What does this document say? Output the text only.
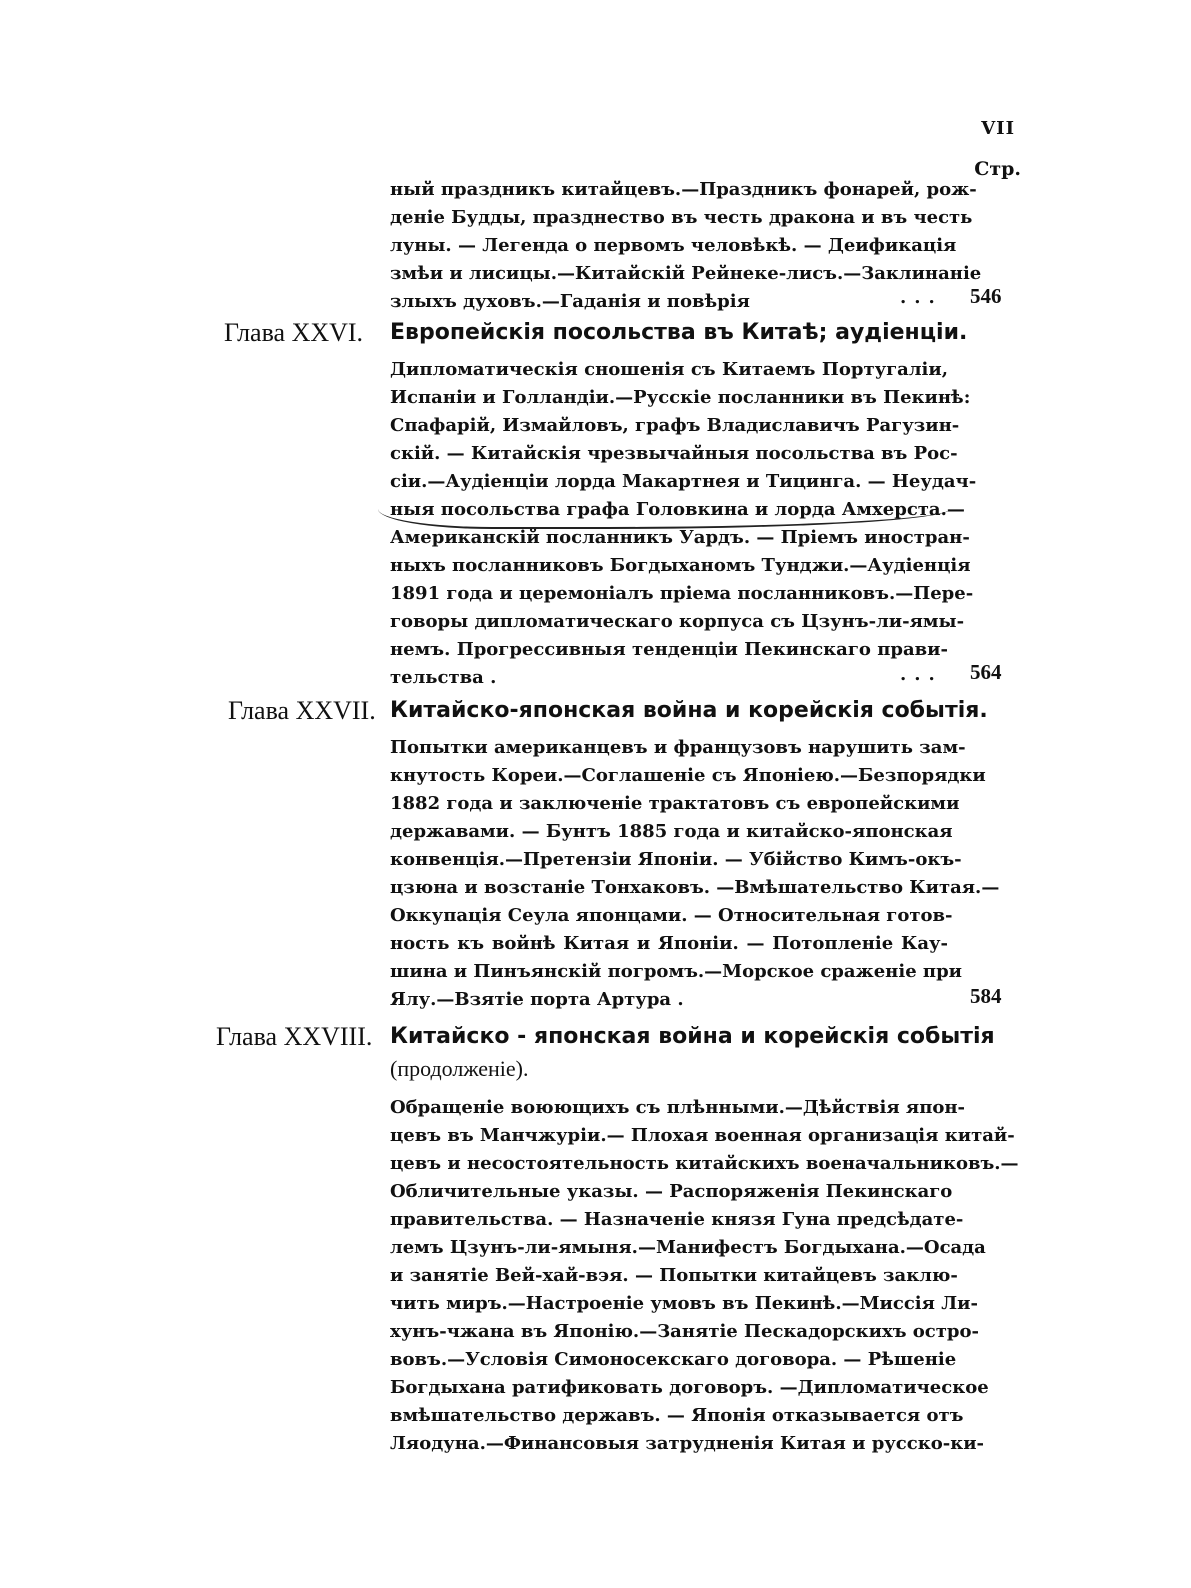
VII
Стр.
ный праздникъ китайцевъ.—Праздникъ фонарей, рож-
деніе Будды, празднество въ честь дракона и въ честь
луны. — Легенда о первомъ человѣкѣ. — Деификація
змѣи и лисицы.—Китайскій Рейнеке-лисъ.—Заклинаніе
злыхъ духовъ.—Гаданія и повѣрія	... 546
Глава XXVI. Европейскія посольства въ Китаѣ; аудіенціи.
Дипломатическія сношенія съ Китаемъ Португаліи,
Испаніи и Голландіи.—Русскіе посланники въ Пекинѣ:
Спафарій, Измайловъ, графъ Владиславичъ Рагузин-
скій. — Китайскія чрезвычайныя посольства въ Рос-
сіи.—Аудіенціи лорда Макартнея и Тицинга. — Неудач-
ныя посольства графа Головкина и лорда Амхерста.—
Американскій посланникъ Уардъ. — Пріемъ иностран-
ныхъ посланниковъ Богдыханомъ Тунджи.—Аудіенція
1891 года и церемоніалъ пріема посланниковъ.—Пере-
говоры дипломатическаго корпуса съ Цзунъ-ли-ямы-
немъ. Прогрессивныя тенденціи Пекинскаго прави-
тельства .	... 564
Глава XXVII. Китайско-японская война и корейскія событія.
Попытки американцевъ и французовъ нарушить зам-
кнутость Кореи.—Соглашеніе съ Японіею.—Безпорядки
1882 года и заключеніе трактатовъ съ европейскими
державами. — Бунтъ 1885 года и китайско-японская
конвенція.—Претензіи Японіи. — Убійство Кимъ-окъ-
цзюна и возстаніе Тонхаковъ. —Вмѣшательство Китая.—
Оккупація Сеула японцами. — Относительная готов-
ность къ войнѣ Китая и Японіи. — Потопленіе Кау-
шина и Пинъянскій погромъ.—Морское сраженіе при
Ялу.—Взятіе порта Артура .	584
Глава XXVIII. Китайско - японская война и корейскія событія
(продолженіе).
Обращеніе воюющихъ съ плѣнными.—Дѣйствія япон-
цевъ въ Манчжуріи.— Плохая военная организація китай-
цевъ и несостоятельность китайскихъ военачальниковъ.—
Обличительные указы. — Распоряженія Пекинскаго
правительства. — Назначеніе князя Гуна предсѣдате-
лемъ Цзунъ-ли-ямыня.—Манифестъ Богдыхана.—Осада
и занятіе Вей-хай-вэя. — Попытки китайцевъ заклю-
чить миръ.—Настроеніе умовъ въ Пекинѣ.—Миссія Ли-
хунъ-чжана въ Японію.—Занятіе Пескадорскихъ остро-
вовъ.—Условія Симоносекскаго договора. — Рѣшеніе
Богдыхана ратификовать договоръ. —Дипломатическое
вмѣшательство державъ. — Японія отказывается отъ
Ляодуна.—Финансовыя затрудненія Китая и русско-ки-
